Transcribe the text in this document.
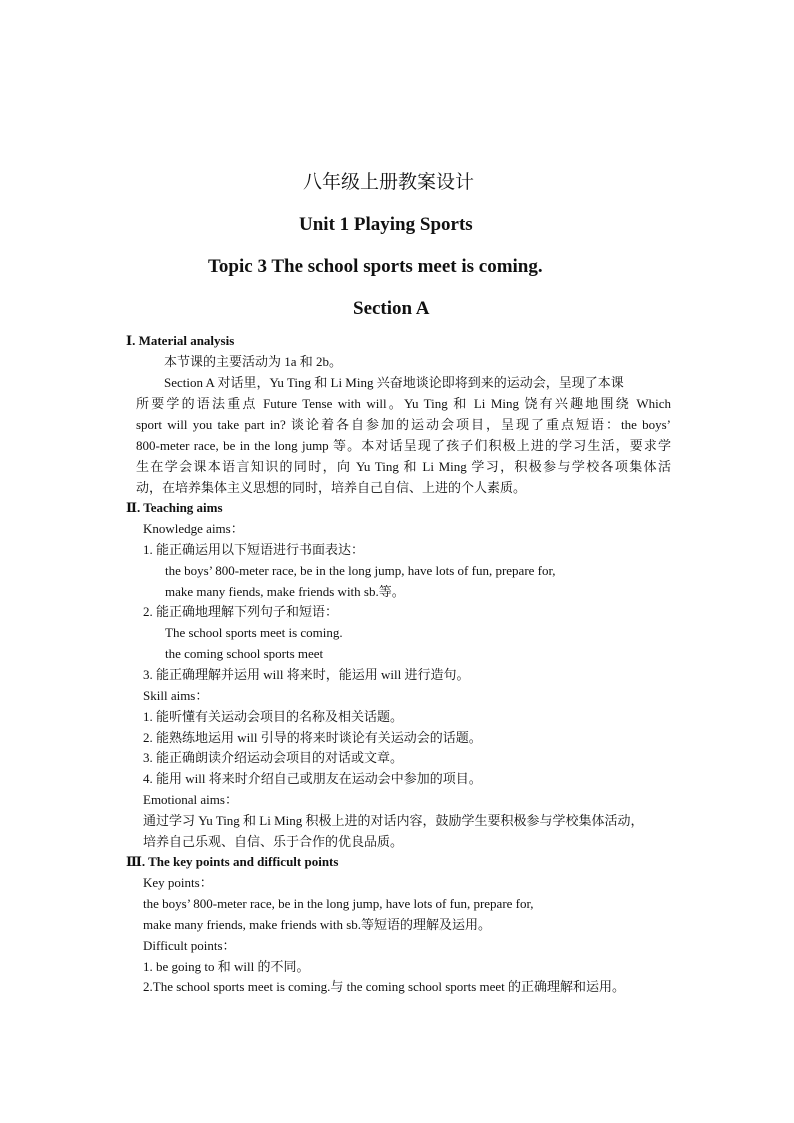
八年级上册教案设计
Unit 1 Playing Sports
Topic 3 The school sports meet is coming.
Section A
Ⅰ. Material analysis
本节课的主要活动为 1a 和 2b。
Section A 对话里，Yu Ting 和 Li Ming 兴奋地谈论即将到来的运动会，呈现了本课
所要学的语法重点 Future Tense with will。Yu Ting 和 Li Ming 饶有兴趣地围绕 Which
sport will you take part in? 谈论着各自参加的运动会项目，呈现了重点短语：the boys’
800-meter race, be in the long jump 等。本对话呈现了孩子们积极上进的学习生活，要求学
生在学会课本语言知识的同时，向 Yu Ting 和 Li Ming 学习，积极参与学校各项集体活
动，在培养集体主义思想的同时，培养自己自信、上进的个人素质。
Ⅱ. Teaching aims
Knowledge aims：
1. 能正确运用以下短语进行书面表达：
the boys’ 800-meter race, be in the long jump, have lots of fun, prepare for,
make many fiends, make friends with sb.等。
2. 能正确地理解下列句子和短语：
The school sports meet is coming.
the coming school sports meet
3. 能正确理解并运用 will 将来时，能运用 will 进行造句。
Skill aims：
1. 能听懂有关运动会项目的名称及相关话题。
2. 能熟练地运用 will 引导的将来时谈论有关运动会的话题。
3. 能正确朗读介绍运动会项目的对话或文章。
4. 能用 will 将来时介绍自己或朋友在运动会中参加的项目。
Emotional aims：
通过学习 Yu Ting 和 Li Ming 积极上进的对话内容，鼓励学生要积极参与学校集体活动，
培养自己乐观、自信、乐于合作的优良品质。
Ⅲ. The key points and difficult points
Key points：
the boys’ 800-meter race, be in the long jump, have lots of fun, prepare for,
make many friends, make friends with sb.等短语的理解及运用。
Difficult points：
1. be going to 和 will 的不同。
2.The school sports meet is coming.与 the coming school sports meet 的正确理解和运用。
